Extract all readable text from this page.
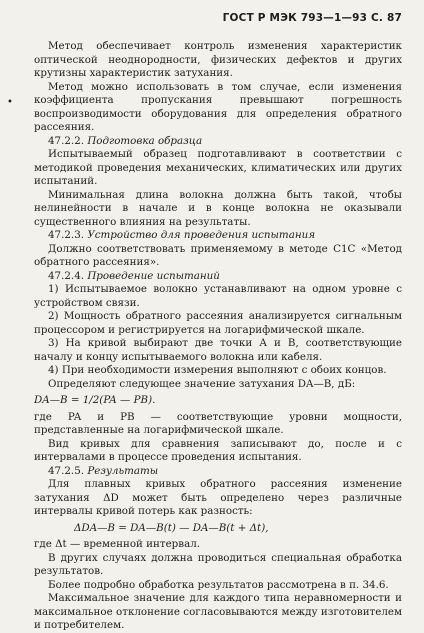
ГОСТ Р МЭК 793—1—93 С. 87
•

Метод обеспечивает контроль изменения характеристик оптической неоднородности, физических дефектов и других крутизны характеристик затухания.

Метод можно использовать в том случае, если изменения коэффициента пропускания превышают погрешность воспроизводимости оборудования для определения обратного рассеяния.

47.2.2. Подготовка образца

Испытываемый образец подготавливают в соответствии с методикой проведения механических, климатических или других испытаний.

Минимальная длина волокна должна быть такой, чтобы нелинейности в начале и в конце волокна не оказывали существенного влияния на результаты.

47.2.3. Устройство для проведения испытания

Должно соответствовать применяемому в методе С1С «Метод обратного рассеяния».

47.2.4. Проведение испытаний

1) Испытываемое волокно устанавливают на одном уровне с устройством связи.

2) Мощность обратного рассеяния анализируется сигнальным процессором и регистрируется на логарифмической шкале.

3) На кривой выбирают две точки А и В, соответствующие началу и концу испытываемого волокна или кабеля.

4) При необходимости измерения выполняют с обоих концов.

Определяют следующее значение затухания DA—B, дБ:

DA—B = 1/2(PA — PB).

где PA и PB — соответствующие уровни мощности, представленные на логарифмической шкале.

Вид кривых для сравнения записывают до, после и с интервалами в процессе проведения испытания.

47.2.5. Результаты

Для плавных кривых обратного рассеяния изменение затухания ΔD может быть определено через различные интервалы кривой потерь как разность:

ΔDA—B = DA—B(t) — DA—B(t + Δt),

где Δt — временной интервал.

В других случаях должна проводиться специальная обработка результатов.

Более подробно обработка результатов рассмотрена в п. 34.6.

Максимальное значение для каждого типа неравномерности и максимальное отклонение согласовываются между изготовителем и потребителем.
